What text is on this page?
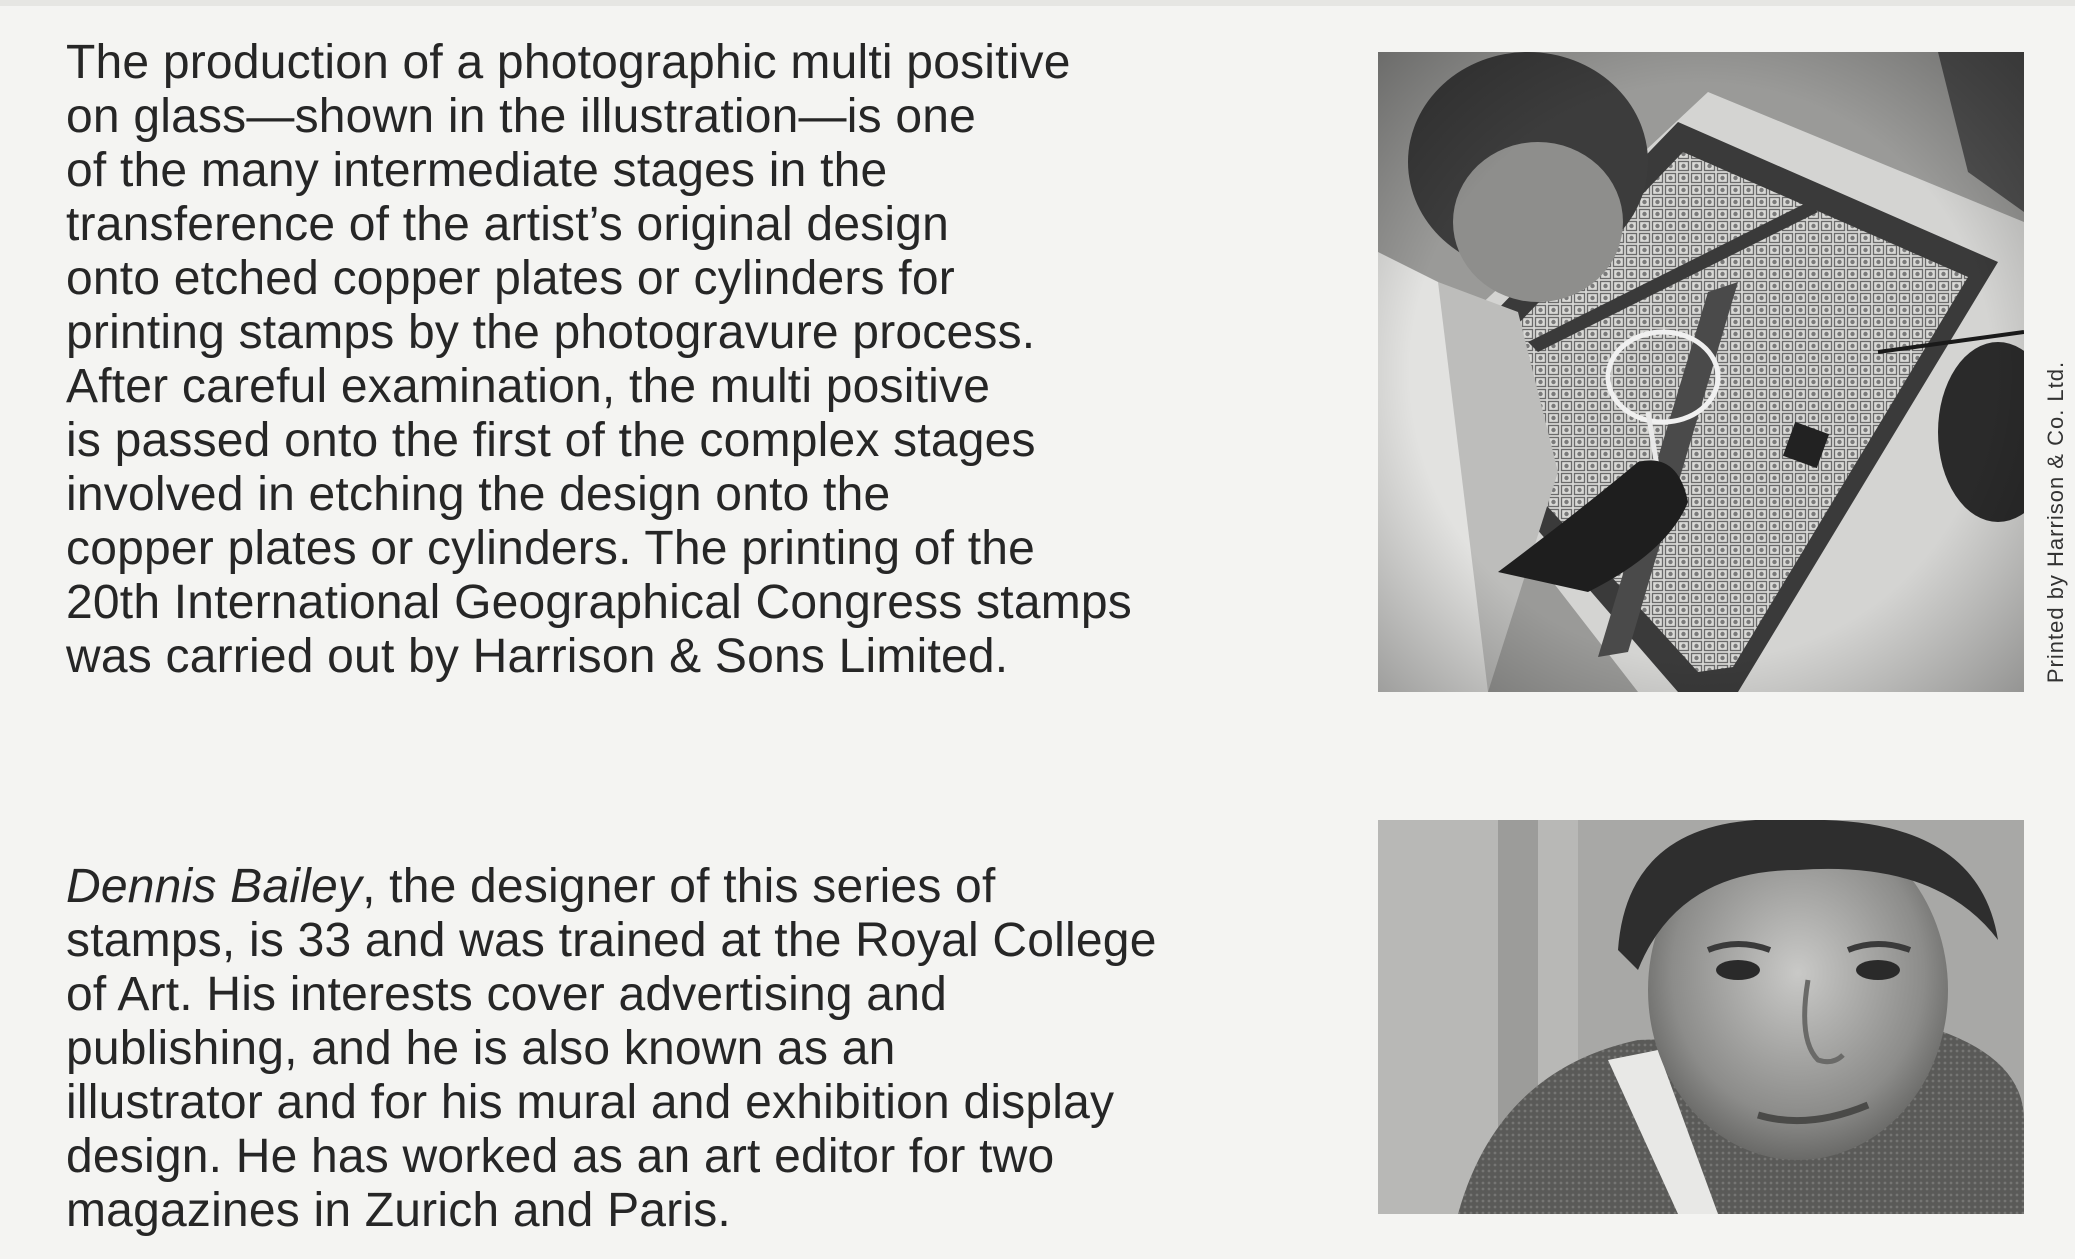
The production of a photographic multi positive
on glass—shown in the illustration—is one
of the many intermediate stages in the
transference of the artist’s original design
onto etched copper plates or cylinders for
printing stamps by the photogravure process.
After careful examination, the multi positive
is passed onto the first of the complex stages
involved in etching the design onto the
copper plates or cylinders. The printing of the
20th International Geographical Congress stamps
was carried out by Harrison & Sons Limited.	Printed by Harrison & Co. Ltd.

Dennis Bailey, the designer of this series of
stamps, is 33 and was trained at the Royal College
of Art. His interests cover advertising and
publishing, and he is also known as an
illustrator and for his mural and exhibition display
design. He has worked as an art editor for two
magazines in Zurich and Paris.
